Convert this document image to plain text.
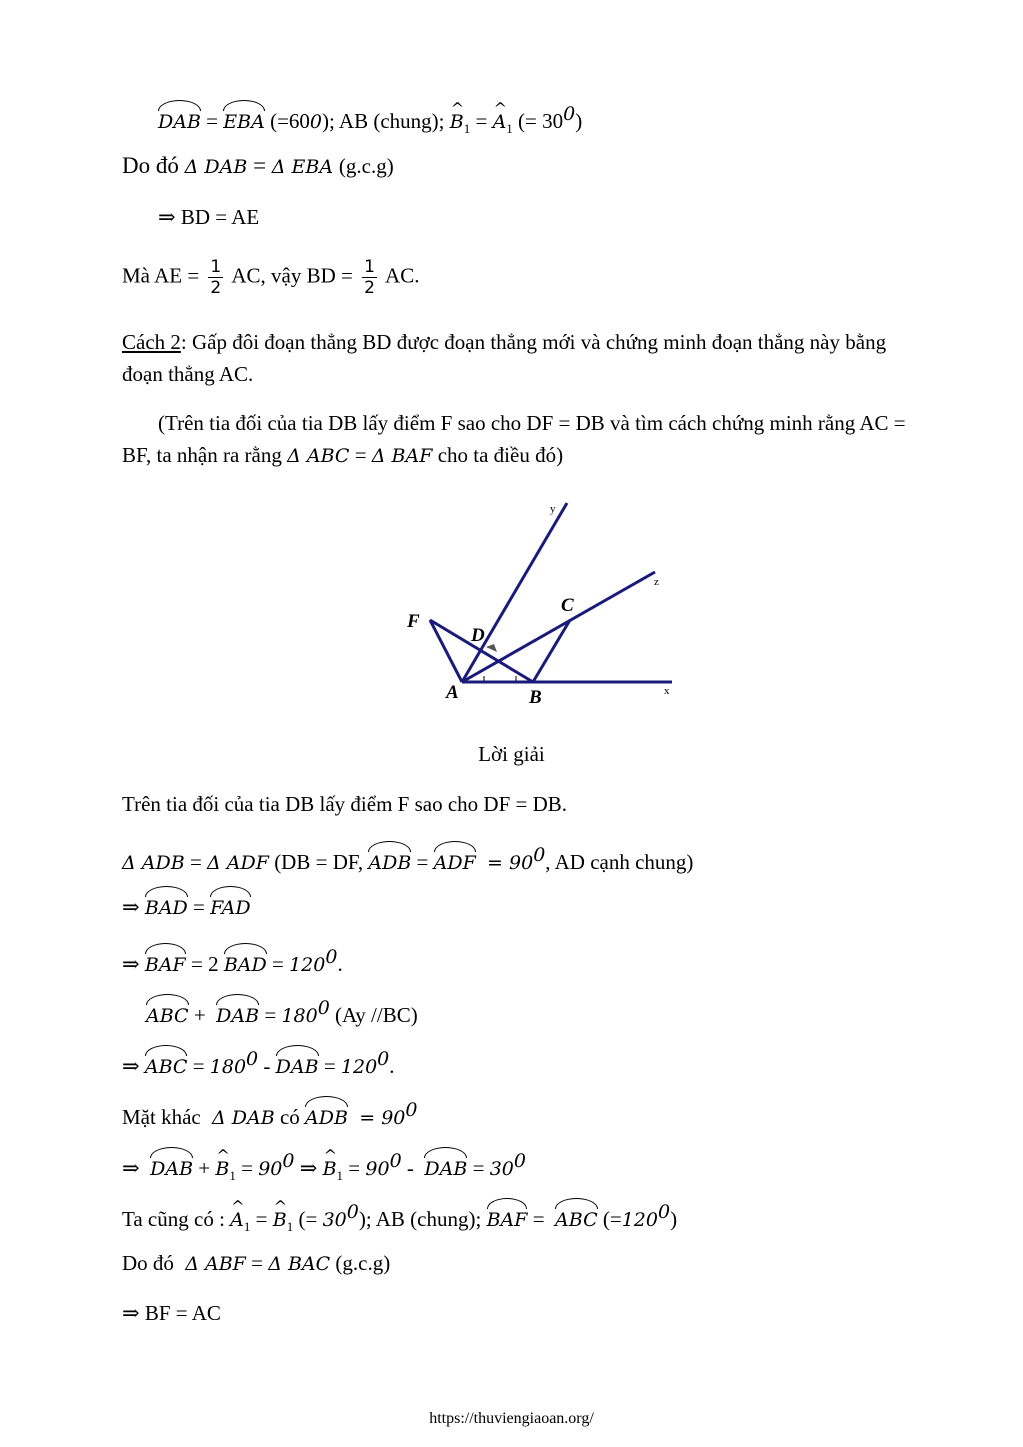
DAB = EBA (=600); AB (chung); ^ $B_1$ = ^ $A_1$ (= $30^0$)
Do đó Δ DAB = Δ EBA (g.c.g)
⇒ BD = AE
Mà AE = $\frac{1}{2}$ AC, vậy BD = $\frac{1}{2}$ AC.
Cách 2: Gấp đôi đoạn thẳng BD được đoạn thẳng mới và chứng minh đoạn thẳng này bằng đoạn thẳng AC.
(Trên tia đối của tia DB lấy điểm F sao cho DF = DB và tìm cách chứng minh rằng AC = BF, ta nhận ra rằng Δ ABC = Δ BAF cho ta điều đó)
F
C
D
A	B
y
z
x
Lời giải
Trên tia đối của tia DB lấy điểm F sao cho DF = DB.
Δ ADB = Δ ADF (DB = DF, ADB = ADF  = $90^0$, AD cạnh chung)
⇒ BAD = FAD
⇒ BAF = 2 BAD = $120^0$.
ABC +  DAB = $180^0$ (Ay //BC)
⇒ ABC = $180^0$ - DAB = $120^0$.
Mặt khác  Δ DAB có ADB  = $90^0$
⇒  DAB + ^ $B_1 = 90^0$ ⇒ ^ $B_1 = 90^0$ -  DAB = $30^0$
Ta cũng có : ^ $A_1$ = ^ $B_1$ (= $30^0$); AB (chung); BAF =  ABC $(=120^0)$
Do đó  Δ ABF = Δ BAC (g.c.g)
⇒ BF = AC
https://thuviengiaoan.org/
